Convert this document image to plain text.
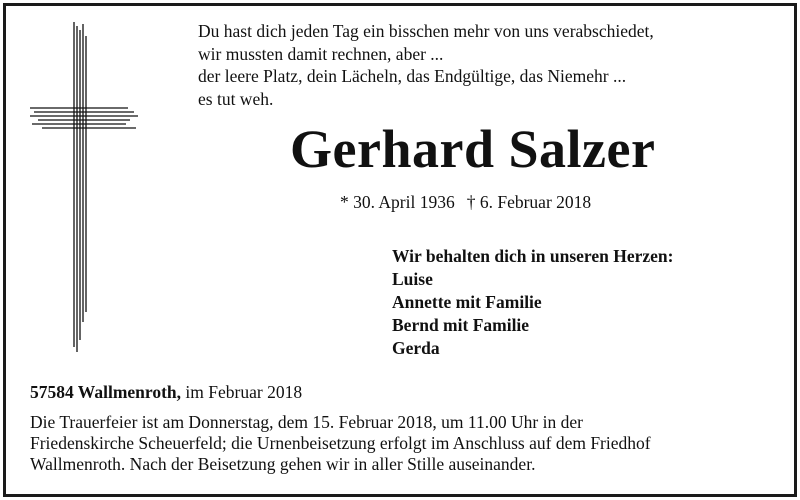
Du hast dich jeden Tag ein bisschen mehr von uns verabschiedet,
wir mussten damit rechnen, aber ...
der leere Platz, dein Lächeln, das Endgültige, das Niemehr ...
es tut weh.
Gerhard Salzer
* 30. April 1936 † 6. Februar 2018
Wir behalten dich in unseren Herzen:
Luise
Annette mit Familie
Bernd mit Familie
Gerda
57584 Wallmenroth, im Februar 2018
Die Trauerfeier ist am Donnerstag, dem 15. Februar 2018, um 11.00 Uhr in der
Friedenskirche Scheuerfeld; die Urnenbeisetzung erfolgt im Anschluss auf dem Friedhof
Wallmenroth. Nach der Beisetzung gehen wir in aller Stille auseinander.
